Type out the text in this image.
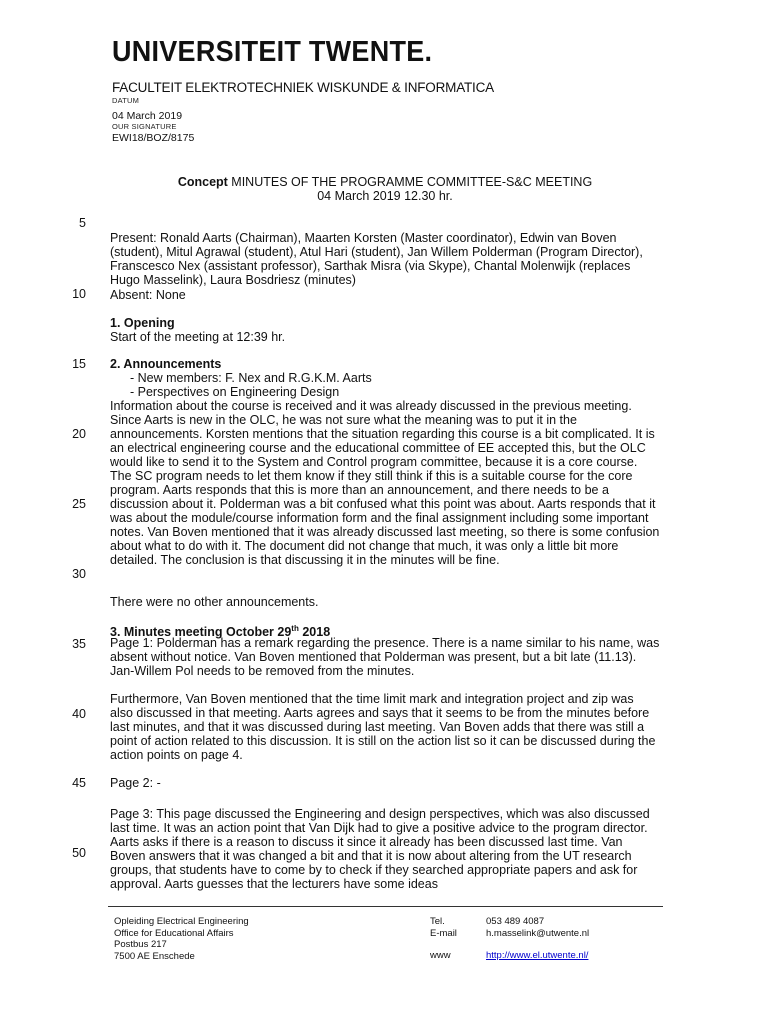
UNIVERSITEIT TWENTE.
FACULTEIT ELEKTROTECHNIEK WISKUNDE & INFORMATICA
DATUM
04 March 2019
OUR SIGNATURE
EWI18/BOZ/8175
Concept MINUTES OF THE PROGRAMME COMMITTEE-S&C MEETING
04 March 2019 12.30 hr.
5
10
15
20
25
30
35
40
45
50
Present: Ronald Aarts (Chairman), Maarten Korsten (Master coordinator), Edwin van Boven (student), Mitul Agrawal (student), Atul Hari (student), Jan Willem Polderman (Program Director), Franscesco Nex (assistant professor), Sarthak Misra (via Skype), Chantal Molenwijk (replaces Hugo Masselink), Laura Bosdriesz (minutes)
Absent: None
1. Opening
Start of the meeting at 12:39 hr.
2. Announcements
- New members: F. Nex and R.G.K.M. Aarts
- Perspectives on Engineering Design
Information about the course is received and it was already discussed in the previous meeting. Since Aarts is new in the OLC, he was not sure what the meaning was to put it in the announcements. Korsten mentions that the situation regarding this course is a bit complicated. It is an electrical engineering course and the educational committee of EE accepted this, but the OLC would like to send it to the System and Control program committee, because it is a core course. The SC program needs to let them know if they still think if this is a suitable course for the core program. Aarts responds that this is more than an announcement, and there needs to be a discussion about it. Polderman was a bit confused what this point was about. Aarts responds that it was about the module/course information form and the final assignment including some important notes. Van Boven mentioned that it was already discussed last meeting, so there is some confusion about what to do with it. The document did not change that much, it was only a little bit more detailed. The conclusion is that discussing it in the minutes will be fine.
There were no other announcements.
3. Minutes meeting October 29th 2018
Page 1: Polderman has a remark regarding the presence. There is a name similar to his name, was absent without notice. Van Boven mentioned that Polderman was present, but a bit late (11.13). Jan-Willem Pol needs to be removed from the minutes.
Furthermore, Van Boven mentioned that the time limit mark and integration project and zip was also discussed in that meeting. Aarts agrees and says that it seems to be from the minutes before last minutes, and that it was discussed during last meeting. Van Boven adds that there was still a point of action related to this discussion. It is still on the action list so it can be discussed during the action points on page 4.
Page 2: -
Page 3: This page discussed the Engineering and design perspectives, which was also discussed last time. It was an action point that Van Dijk had to give a positive advice to the program director. Aarts asks if there is a reason to discuss it since it already has been discussed last time. Van Boven answers that it was changed a bit and that it is now about altering from the UT research groups, that students have to come by to check if they searched appropriate papers and ask for approval. Aarts guesses that the lecturers have some ideas
Opleiding Electrical Engineering
Office for Educational Affairs
Postbus 217
7500 AE Enschede
Tel.	053 489 4087
E-mail	h.masselink@utwente.nl
www	http://www.el.utwente.nl/
